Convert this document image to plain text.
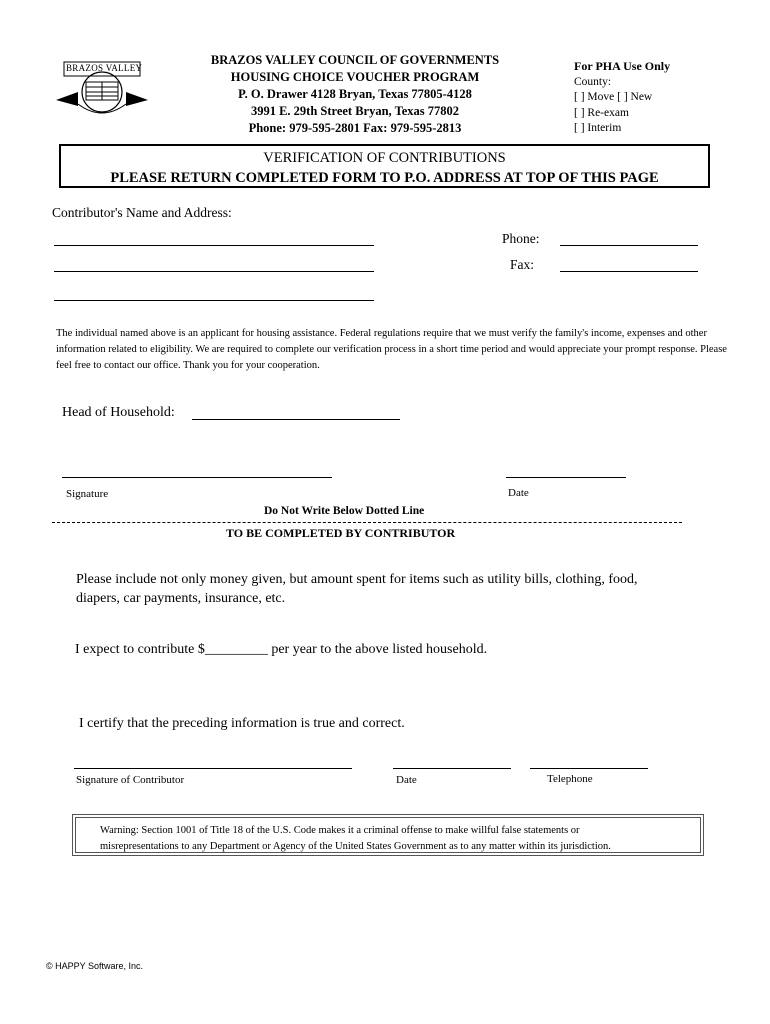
BRAZOS VALLEY
BRAZOS VALLEY COUNCIL OF GOVERNMENTS
HOUSING CHOICE VOUCHER PROGRAM
P. O. Drawer 4128 Bryan, Texas 77805-4128
3991 E. 29th Street Bryan, Texas 77802
Phone: 979-595-2801 Fax: 979-595-2813
For PHA Use Only
County:
[ ] Move [ ] New
[ ] Re-exam
[ ] Interim
VERIFICATION OF CONTRIBUTIONS
PLEASE RETURN COMPLETED FORM TO P.O. ADDRESS AT TOP OF THIS PAGE
Contributor's Name and Address:
Phone:
Fax:
The individual named above is an applicant for housing assistance. Federal regulations require that we must verify the family's income, expenses and other information related to eligibility. We are required to complete our verification process in a short time period and would appreciate your prompt response. Please feel free to contact our office. Thank you for your cooperation.
Head of Household:
Signature	Date
Do Not Write Below Dotted Line
TO BE COMPLETED BY CONTRIBUTOR
Please include not only money given, but amount spent for items such as utility bills, clothing, food,
diapers, car payments, insurance, etc.
I expect to contribute $_________ per year to the above listed household.
I certify that the preceding information is true and correct.
Signature of Contributor	Date	Telephone
Warning: Section 1001 of Title 18 of the U.S. Code makes it a criminal offense to make willful false statements or
misrepresentations to any Department or Agency of the United States Government as to any matter within its jurisdiction.
© HAPPY Software, Inc.
